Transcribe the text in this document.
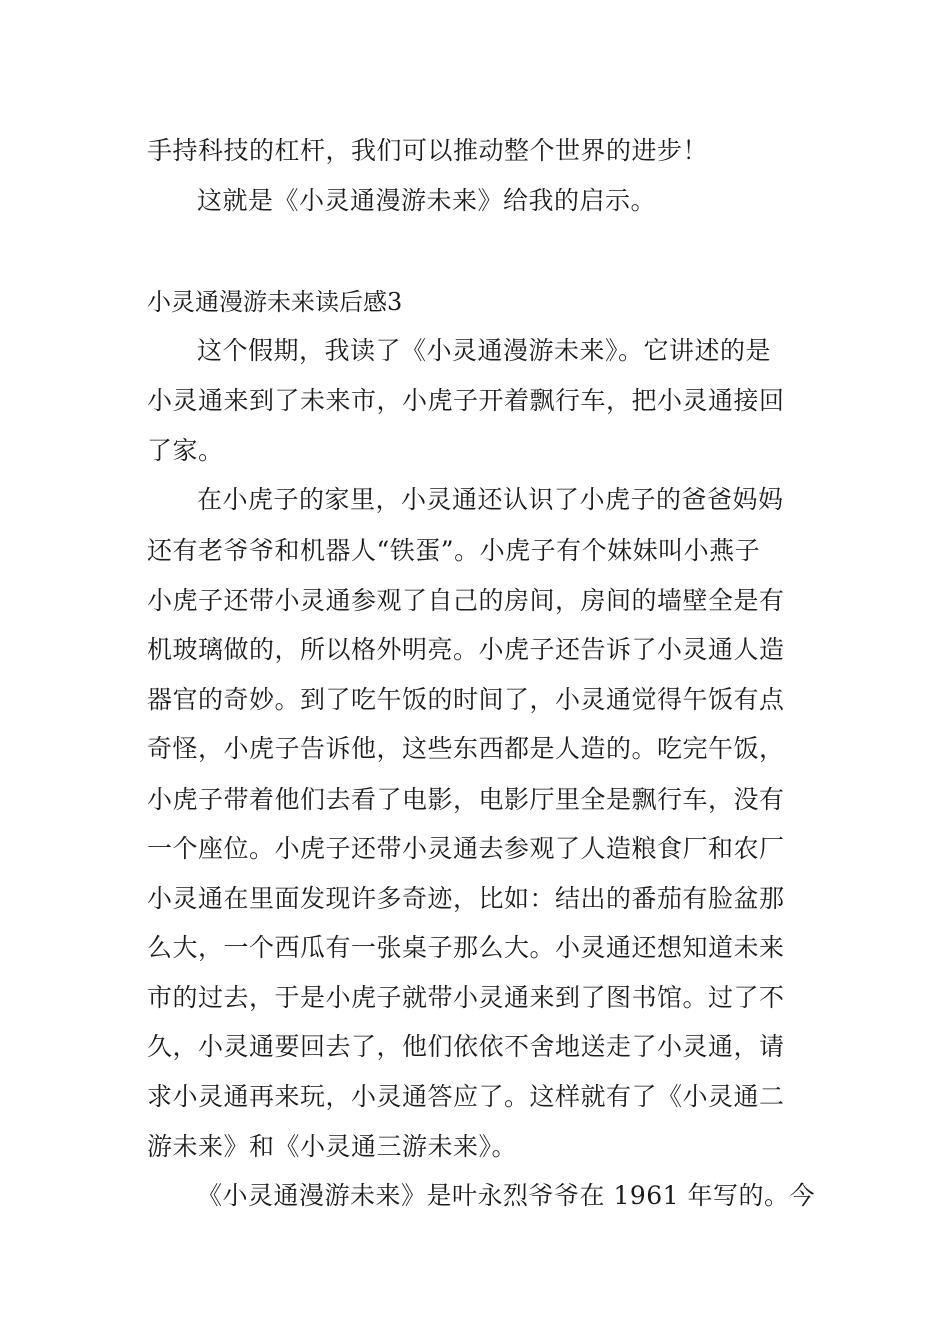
手持科技的杠杆，我们可以推动整个世界的进步！

这就是《小灵通漫游未来》给我的启示。

小灵通漫游未来读后感3

这个假期，我读了《小灵通漫游未来》。它讲述的是

小灵通来到了未来市，小虎子开着飘行车，把小灵通接回

了家。

在小虎子的家里，小灵通还认识了小虎子的爸爸妈妈

还有老爷爷和机器人“铁蛋”。小虎子有个妹妹叫小燕子

小虎子还带小灵通参观了自己的房间，房间的墙壁全是有

机玻璃做的，所以格外明亮。小虎子还告诉了小灵通人造

器官的奇妙。到了吃午饭的时间了，小灵通觉得午饭有点

奇怪，小虎子告诉他，这些东西都是人造的。吃完午饭，

小虎子带着他们去看了电影，电影厅里全是飘行车，没有

一个座位。小虎子还带小灵通去参观了人造粮食厂和农厂

小灵通在里面发现许多奇迹，比如：结出的番茄有脸盆那

么大，一个西瓜有一张桌子那么大。小灵通还想知道未来

市的过去，于是小虎子就带小灵通来到了图书馆。过了不

久，小灵通要回去了，他们依依不舍地送走了小灵通，请

求小灵通再来玩，小灵通答应了。这样就有了《小灵通二

游未来》和《小灵通三游未来》。

《小灵通漫游未来》是叶永烈爷爷在 1961 年写的。今
